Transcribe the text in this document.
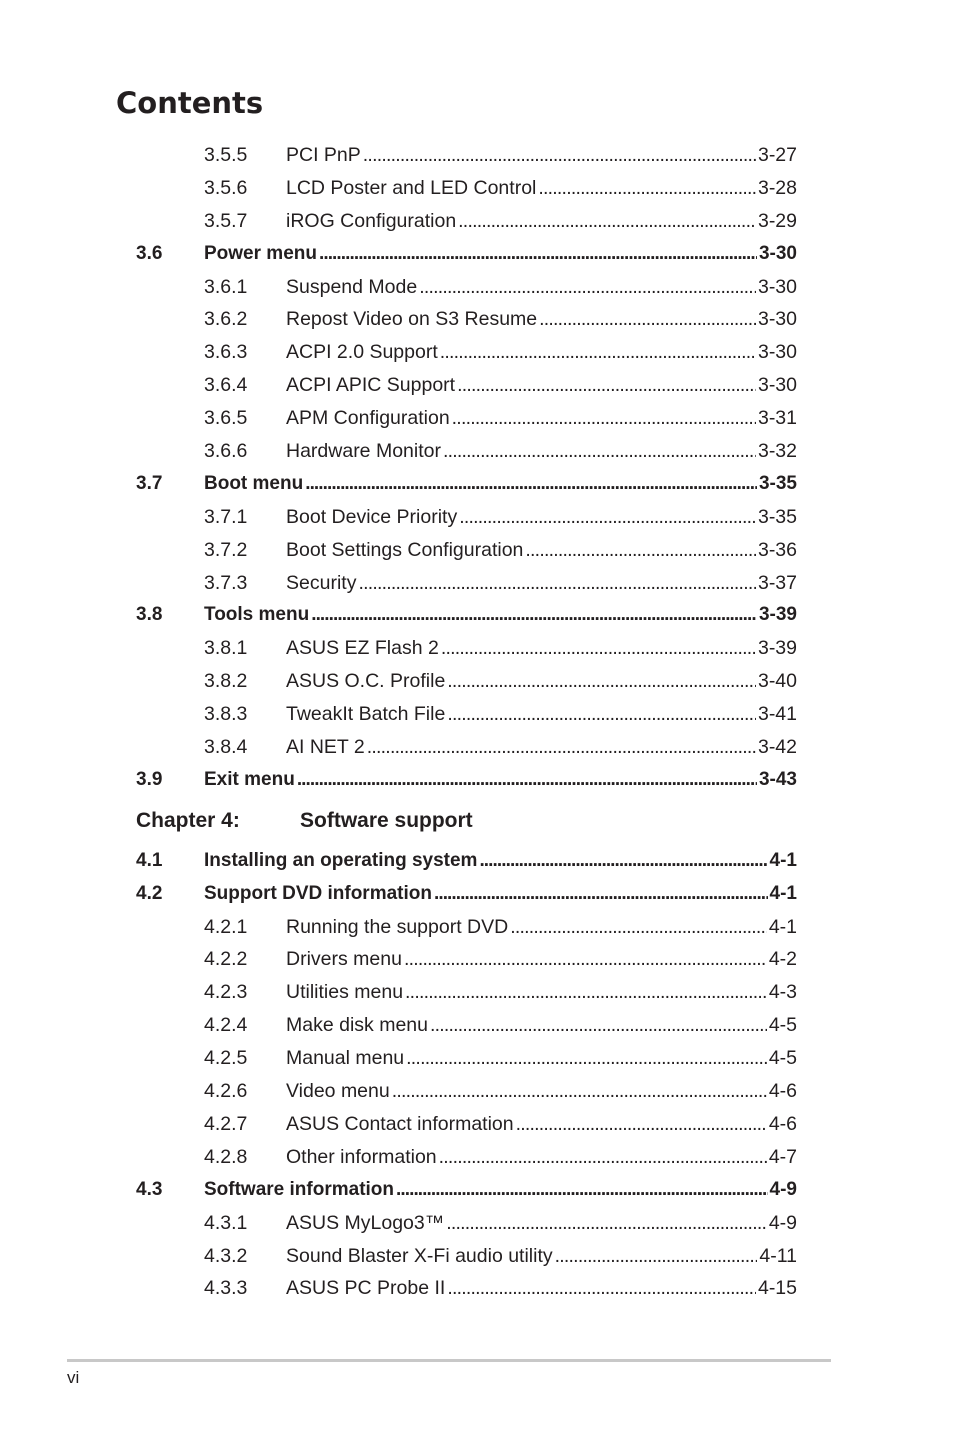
Contents
3.5.5 PCI PnP . . .	3-27
3.5.6 LCD Poster and LED Control . . .	3-28
3.5.7 iROG Configuration . . .	3-29
3.6 Power menu . . .	3-30
3.6.1 Suspend Mode . . .	3-30
3.6.2 Repost Video on S3 Resume . . .	3-30
3.6.3 ACPI 2.0 Support . . .	3-30
3.6.4 ACPI APIC Support . . .	3-30
3.6.5 APM Configuration . . .	3-31
3.6.6 Hardware Monitor . . .	3-32
3.7 Boot menu . . .	3-35
3.7.1 Boot Device Priority . . .	3-35
3.7.2 Boot Settings Configuration . . .	3-36
3.7.3 Security . . .	3-37
3.8 Tools menu . . .	3-39
3.8.1 ASUS EZ Flash 2 . . .	3-39
3.8.2 ASUS O.C. Profile . . .	3-40
3.8.3 TweakIt Batch File . . .	3-41
3.8.4 AI NET 2 . . .	3-42
3.9 Exit menu . . .	3-43
Chapter 4:	Software support
4.1 Installing an operating system . . .	4-1
4.2 Support DVD information . . .	4-1
4.2.1 Running the support DVD . . .	4-1
4.2.2 Drivers menu . . .	4-2
4.2.3 Utilities menu . . .	4-3
4.2.4 Make disk menu . . .	4-5
4.2.5 Manual menu . . .	4-5
4.2.6 Video menu . . .	4-6
4.2.7 ASUS Contact information . . .	4-6
4.2.8 Other information . . .	4-7
4.3 Software information . . .	4-9
4.3.1 ASUS MyLogo3™ . . .	4-9
4.3.2 Sound Blaster X-Fi audio utility . . .	4-11
4.3.3 ASUS PC Probe II . . .	4-15
vi
